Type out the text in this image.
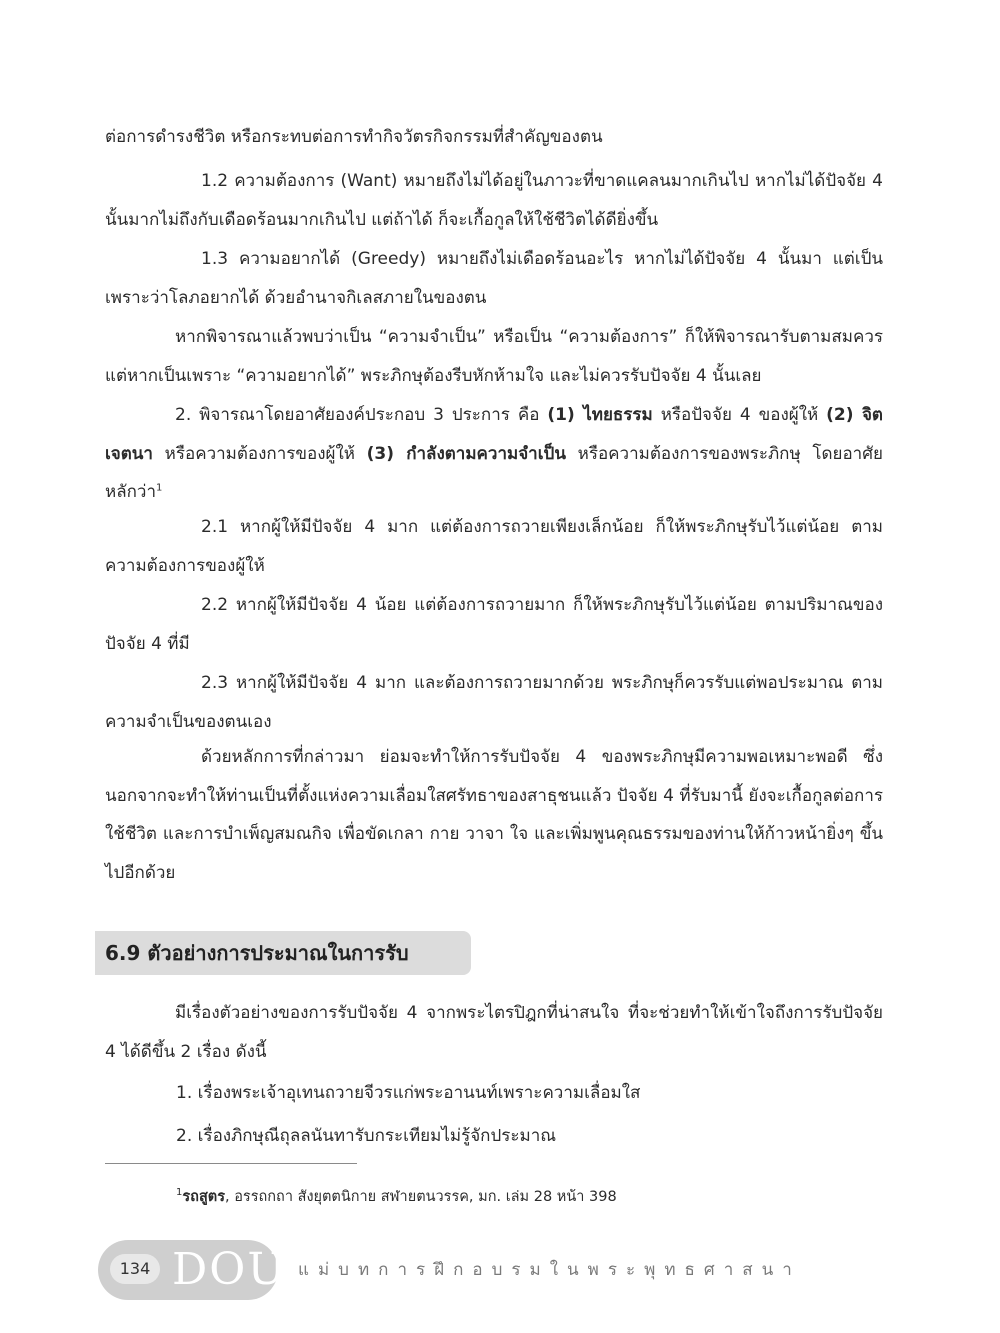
ต่อการดำรงชีวิต หรือกระทบต่อการทำกิจวัตรกิจกรรมที่สำคัญของตน

1.2 ความต้องการ (Want) หมายถึงไม่ได้อยู่ในภาวะที่ขาดแคลนมากเกินไป หากไม่ได้ปัจจัย 4 นั้นมากไม่ถึงกับเดือดร้อนมากเกินไป แต่ถ้าได้ ก็จะเกื้อกูลให้ใช้ชีวิตได้ดียิ่งขึ้น

1.3 ความอยากได้ (Greedy) หมายถึงไม่เดือดร้อนอะไร หากไม่ได้ปัจจัย 4 นั้นมา แต่เป็นเพราะว่าโลภอยากได้ ด้วยอำนาจกิเลสภายในของตน

หากพิจารณาแล้วพบว่าเป็น “ความจำเป็น” หรือเป็น “ความต้องการ” ก็ให้พิจารณารับตามสมควร แต่หากเป็นเพราะ “ความอยากได้” พระภิกษุต้องรีบหักห้ามใจ และไม่ควรรับปัจจัย 4 นั้นเลย

2. พิจารณาโดยอาศัยองค์ประกอบ 3 ประการ คือ (1) ไทยธรรม หรือปัจจัย 4 ของผู้ให้ (2) จิตเจตนา หรือความต้องการของผู้ให้ (3) กำลังตามความจำเป็น หรือความต้องการของพระภิกษุ โดยอาศัยหลักว่า$^1$

2.1 หากผู้ให้มีปัจจัย 4 มาก แต่ต้องการถวายเพียงเล็กน้อย ก็ให้พระภิกษุรับไว้แต่น้อย ตามความต้องการของผู้ให้

2.2 หากผู้ให้มีปัจจัย 4 น้อย แต่ต้องการถวายมาก ก็ให้พระภิกษุรับไว้แต่น้อย ตามปริมาณของปัจจัย 4 ที่มี

2.3 หากผู้ให้มีปัจจัย 4 มาก และต้องการถวายมากด้วย พระภิกษุก็ควรรับแต่พอประมาณ ตามความจำเป็นของตนเอง

ด้วยหลักการที่กล่าวมา ย่อมจะทำให้การรับปัจจัย 4 ของพระภิกษุมีความพอเหมาะพอดี ซึ่งนอกจากจะทำให้ท่านเป็นที่ตั้งแห่งความเลื่อมใสศรัทธาของสาธุชนแล้ว ปัจจัย 4 ที่รับมานี้ ยังจะเกื้อกูลต่อการใช้ชีวิต และการบำเพ็ญสมณกิจ เพื่อขัดเกลา กาย วาจา ใจ และเพิ่มพูนคุณธรรมของท่านให้ก้าวหน้ายิ่งๆ ขึ้นไปอีกด้วย

6.9 ตัวอย่างการประมาณในการรับ

มีเรื่องตัวอย่างของการรับปัจจัย 4 จากพระไตรปิฎกที่น่าสนใจ ที่จะช่วยทำให้เข้าใจถึงการรับปัจจัย 4 ได้ดีขึ้น 2 เรื่อง ดังนี้

1. เรื่องพระเจ้าอุเทนถวายจีวรแก่พระอานนท์เพราะความเลื่อมใส

2. เรื่องภิกษุณีถุลลนันทารับกระเทียมไม่รู้จักประมาณ

$^1$รถสูตร, อรรถกถา สังยุตตนิกาย สฬายตนวรรค, มก. เล่ม 28 หน้า 398

134 DOU แม่บทการฝึกอบรมในพระพุทธศาสนา
